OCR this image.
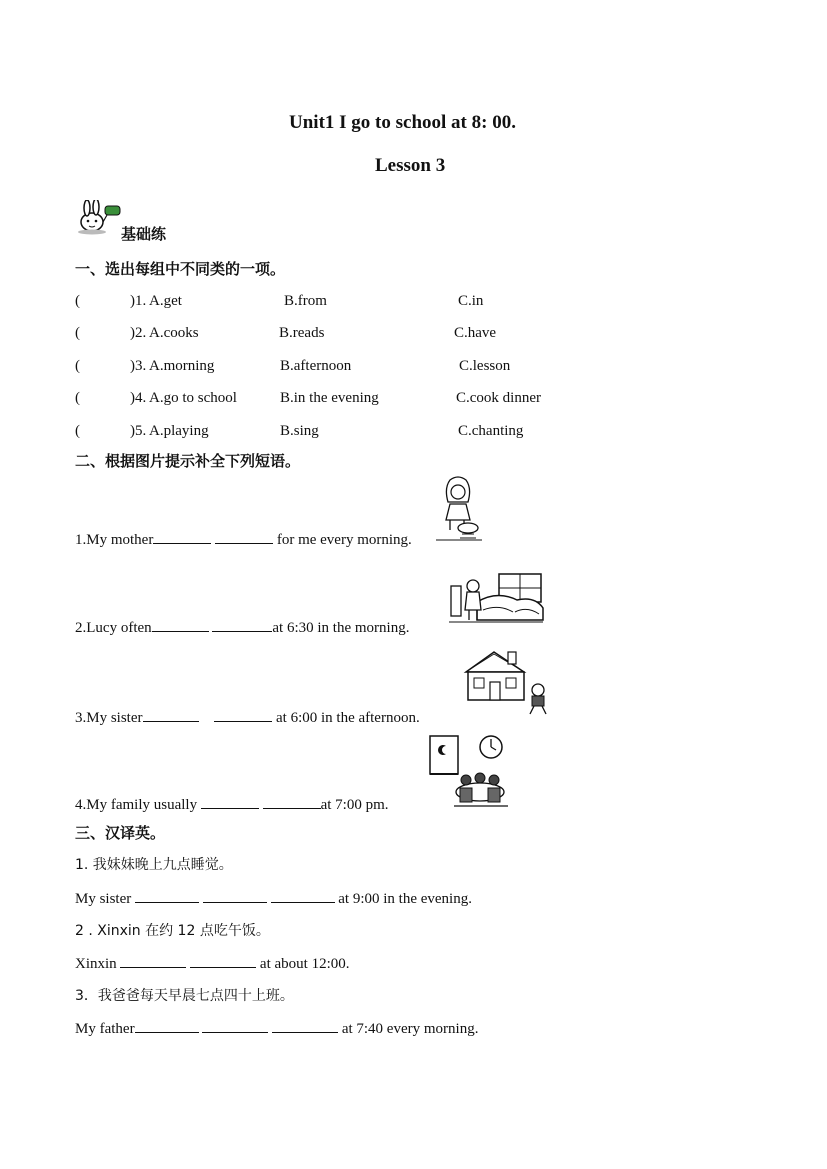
Unit1 I go to school at 8: 00.
Lesson 3
基础练
一、选出每组中不同类的一项。
(	)1. A.get	B.from	C.in
(	)2. A.cooks	B.reads	C.have
(	)3. A.morning	B.afternoon	C.lesson
(	)4. A.go to school	B.in the evening	C.cook dinner
(	)5. A.playing	B.sing	C.chanting
二、根据图片提示补全下列短语。
1.My mother	for me every morning.
2.Lucy often	at 6:30 in the morning.
3.My sister	at 6:00 in the afternoon.
4.My family usually	at 7:00 pm.
三、汉译英。
1. 我妹妹晚上九点睡觉。
My sister	at 9:00 in the evening.
2 . Xinxin 在约 12 点吃午饭。
Xinxin	at about 12:00.
3．我爸爸每天早晨七点四十上班。
My father	at 7:40 every morning.
